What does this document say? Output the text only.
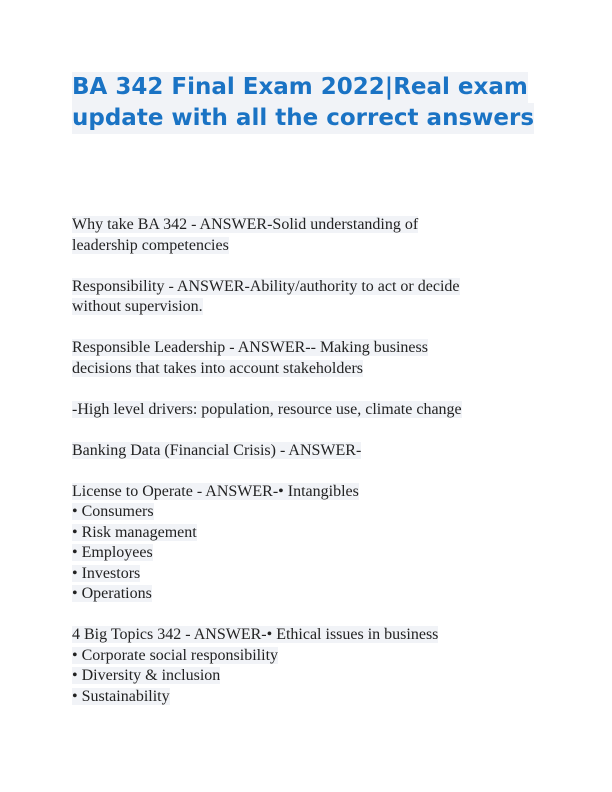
BA 342 Final Exam 2022|Real exam
update with all the correct answers
Why take BA 342 - ANSWER-Solid understanding of
leadership competencies
Responsibility - ANSWER-Ability/authority to act or decide
without supervision.
Responsible Leadership - ANSWER-- Making business
decisions that takes into account stakeholders
-High level drivers: population, resource use, climate change
Banking Data (Financial Crisis) - ANSWER-
License to Operate - ANSWER-• Intangibles
• Consumers
• Risk management
• Employees
• Investors
• Operations
4 Big Topics 342 - ANSWER-• Ethical issues in business
• Corporate social responsibility
• Diversity & inclusion
• Sustainability
